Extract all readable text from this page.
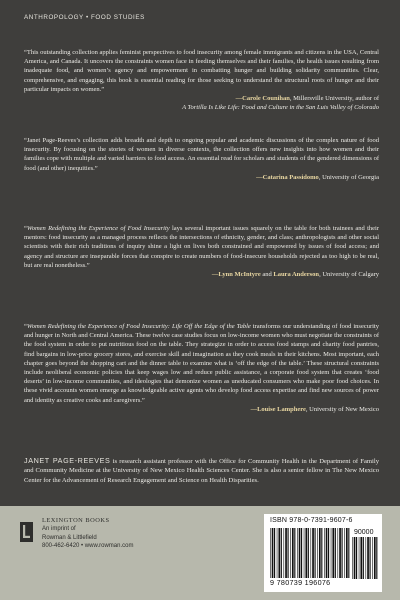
ANTHROPOLOGY • FOOD STUDIES

“This outstanding collection applies feminist perspectives to food insecurity among female immigrants and citizens in the USA, Central America, and Canada. It uncovers the constraints women face in feeding themselves and their families, the health issues resulting from inadequate food, and women’s agency and empowerment in combatting hunger and building solidarity communities. Clear, comprehensive, and engaging, this book is essential reading for those seeking to understand the structural roots of hunger and their particular impacts on women.”

—Carole Counihan, Millersville University, author of
A Tortilla Is Like Life: Food and Culture in the San Luis Valley of Colorado

“Janet Page-Reeves’s collection adds breadth and depth to ongoing popular and academic discussions of the complex nature of food insecurity. By focusing on the stories of women in diverse contexts, the collection offers new insights into how women and their families cope with multiple and varied barriers to food access. An essential read for scholars and students of the gendered dimensions of food (and other) inequities.”

—Catarina Passidomo, University of Georgia

“Women Redefining the Experience of Food Insecurity lays several important issues squarely on the table for both trainees and their mentors: food insecurity as a managed process reflects the intersections of ethnicity, gender, and class; anthropologists and other social scientists with their rich traditions of inquiry shine a light on lives both constrained and empowered by issues of food access; and agency and structure are inseparable forces that conspire to create numbers of food-insecure households rejected as too high to be real, but are real nonetheless.”

—Lynn McIntyre and Laura Anderson, University of Calgary

“Women Redefining the Experience of Food Insecurity: Life Off the Edge of the Table transforms our understanding of food insecurity and hunger in North and Central America. These twelve case studies focus on low-income women who must negotiate the constraints of the food system in order to put nutritious food on the table. They strategize in order to access food stamps and charity food pantries, find bargains in low-price grocery stores, and exercise skill and imagination as they cook meals in their kitchens. Most important, each chapter goes beyond the shopping cart and the dinner table to examine what is ‘off the edge of the table.’ These structural constraints include neoliberal economic policies that keep wages low and reduce public assistance, a corporate food system that creates ‘food deserts’ in low-income communities, and ideologies that demonize women as uneducated consumers who make poor food choices. In these vivid accounts women emerge as knowledgeable active agents who develop food access expertise and find new sources of power and identity as creative cooks and caregivers.”

—Louise Lamphere, University of New Mexico
JANET PAGE-REEVES is research assistant professor with the Office for Community Health in the Department of Family and Community Medicine at the University of New Mexico Health Sciences Center. She is also a senior fellow in The New Mexico Center for the Advancement of Research Engagement and Science on Health Disparities.
LEXINGTON BOOKS
An imprint of
Rowman & Littlefield
800-462-6420 • www.rowman.com
ISBN 978-0-7391-9607-6
90000
9 780739 196076
